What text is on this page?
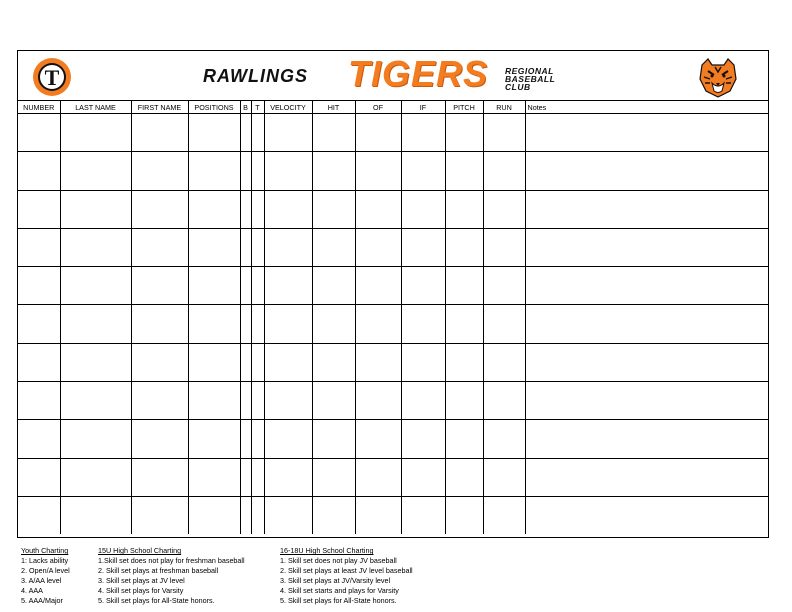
T	RAWLINGS TIGERS REGIONAL
BASEBALL
CLUB
NUMBER	LAST NAME	FIRST NAME	POSITIONS	B	T	VELOCITY	HIT	OF	IF	PITCH	RUN	Notes

Youth Charting
1: Lacks ability
2. Open/A level
3. A/AA level
4. AAA
5. AAA/Major
15U High School Charting
1.Skill set does not play for freshman baseball
2. Skill set plays at freshman baseball
3. Skill set plays at JV level
4. Skill set plays for Varsity
5. Skill set plays for All-State honors.
16-18U High School Charting
1. Skill set does not play JV baseball
2. Skill set plays at least JV level baseball
3. Skill set plays at JV/Varsity level
4. Skill set starts and plays for Varsity
5. Skill set plays for All-State honors.
